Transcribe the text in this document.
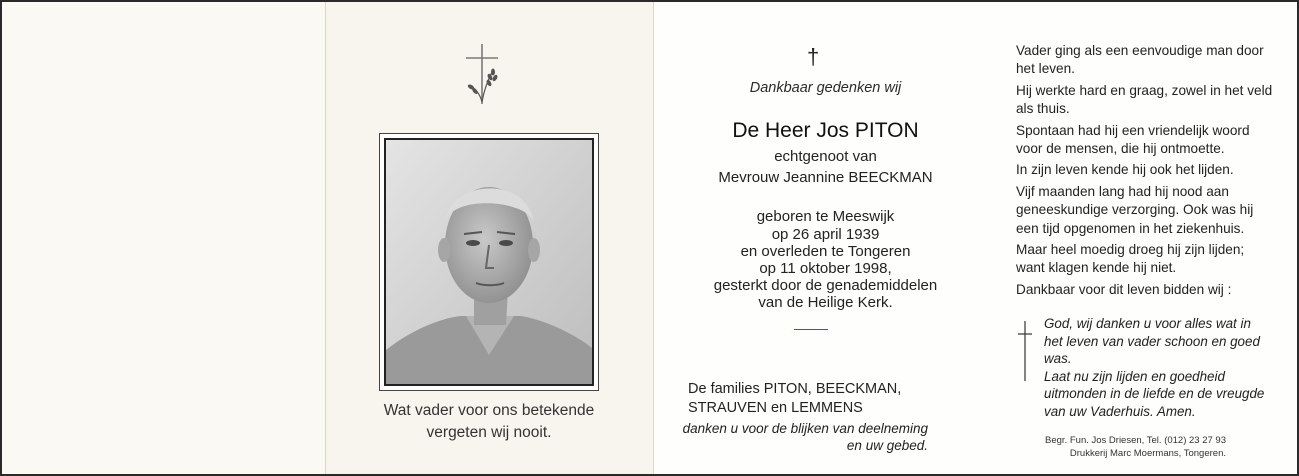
Wat vader voor ons betekende
vergeten wij nooit.
†
Dankbaar gedenken wij
De Heer Jos PITON
echtgenoot van
Mevrouw Jeannine BEECKMAN
geboren te Meeswijk
op 26 april 1939
en overleden te Tongeren
op 11 oktober 1998,
gesterkt door de genademiddelen
van de Heilige Kerk.
De families PITON, BEECKMAN,
STRAUVEN en LEMMENS
danken u voor de blijken van deelneming
en uw gebed.

Vader ging als een eenvoudige man door het leven.

Hij werkte hard en graag, zowel in het veld als thuis.

Spontaan had hij een vriendelijk woord voor de mensen, die hij ontmoette.

In zijn leven kende hij ook het lijden.

Vijf maanden lang had hij nood aan geneeskundige verzorging. Ook was hij een tijd opgenomen in het ziekenhuis.

Maar heel moedig droeg hij zijn lijden; want klagen kende hij niet.

Dankbaar voor dit leven bidden wij :

God, wij danken u voor alles wat in het leven van vader schoon en goed was.

Laat nu zijn lijden en goedheid uitmonden in de liefde en de vreugde van uw Vaderhuis. Amen.

Begr. Fun. Jos Driesen, Tel. (012) 23 27 93
Drukkerij Marc Moermans, Tongeren.
